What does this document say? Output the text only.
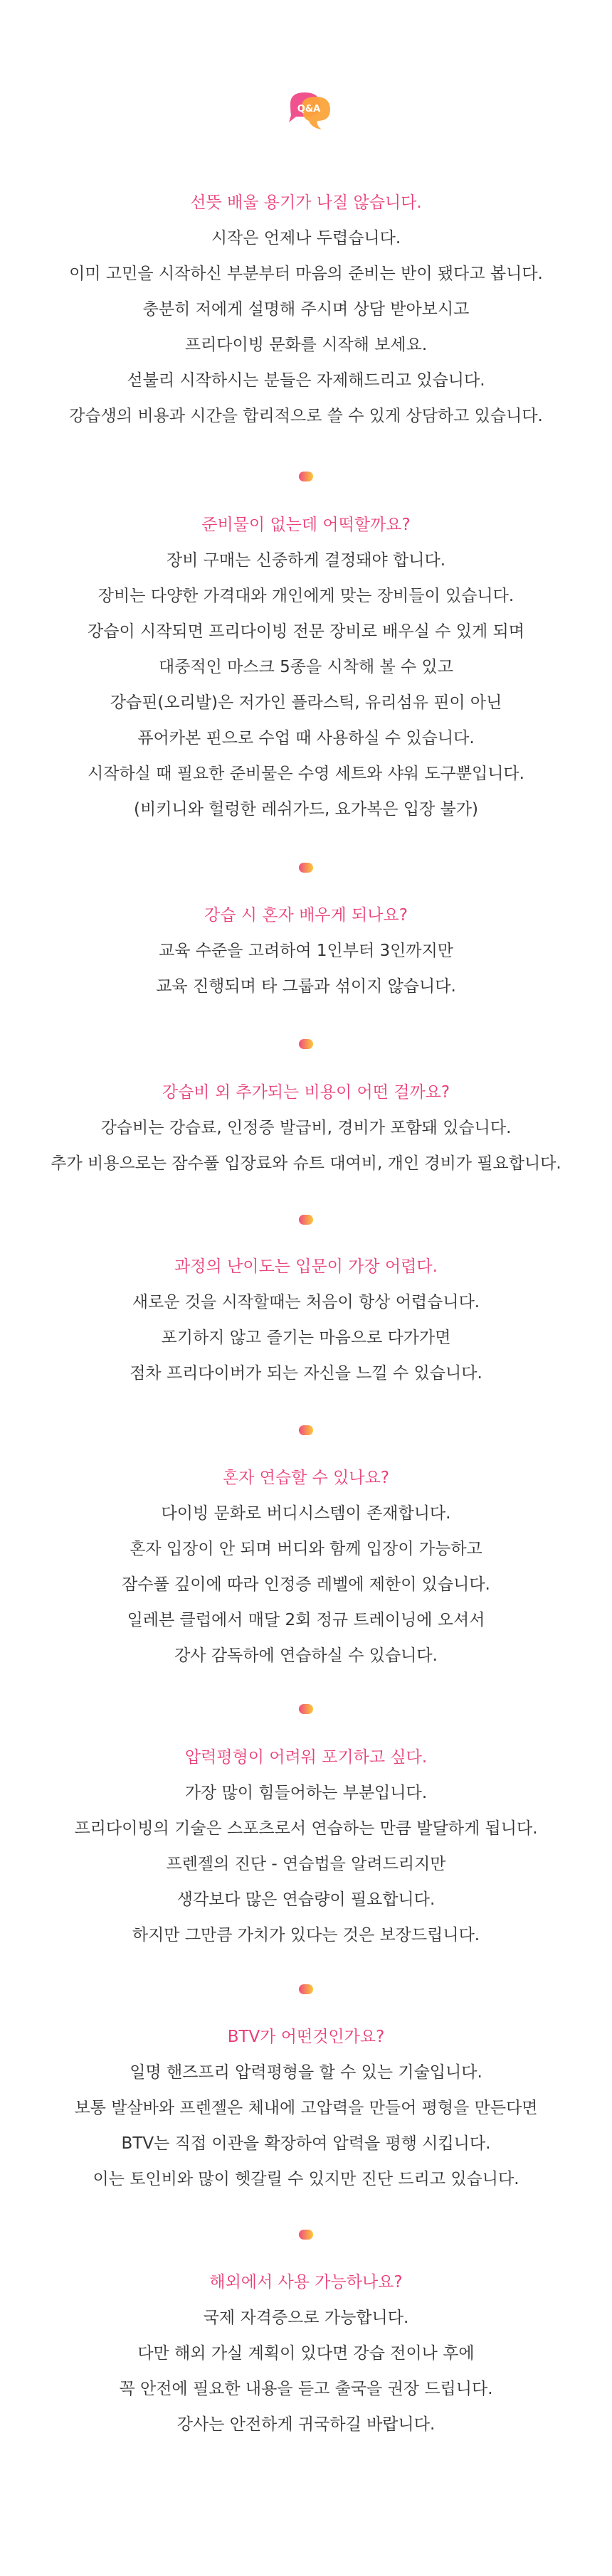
Q&A
선뜻 배울 용기가 나질 않습니다.

시작은 언제나 두렵습니다.

이미 고민을 시작하신 부분부터 마음의 준비는 반이 됐다고 봅니다.

충분히 저에게 설명해 주시며 상담 받아보시고

프리다이빙 문화를 시작해 보세요.

섣불리 시작하시는 분들은 자제해드리고 있습니다.

강습생의 비용과 시간을 합리적으로 쓸 수 있게 상담하고 있습니다.

준비물이 없는데 어떡할까요?

장비 구매는 신중하게 결정돼야 합니다.

장비는 다양한 가격대와 개인에게 맞는 장비들이 있습니다.

강습이 시작되면 프리다이빙 전문 장비로 배우실 수 있게 되며

대중적인 마스크 5종을 시착해 볼 수 있고

강습핀(오리발)은 저가인 플라스틱, 유리섬유 핀이 아닌

퓨어카본 핀으로 수업 때 사용하실 수 있습니다.

시작하실 때 필요한 준비물은 수영 세트와 샤워 도구뿐입니다.

(비키니와 헐렁한 레쉬가드, 요가복은 입장 불가)

강습 시 혼자 배우게 되나요?

교육 수준을 고려하여 1인부터 3인까지만

교육 진행되며 타 그룹과 섞이지 않습니다.

강습비 외 추가되는 비용이 어떤 걸까요?

강습비는 강습료, 인정증 발급비, 경비가 포함돼 있습니다.

추가 비용으로는 잠수풀 입장료와 슈트 대여비, 개인 경비가 필요합니다.

과정의 난이도는 입문이 가장 어렵다.

새로운 것을 시작할때는 처음이 항상 어렵습니다.

포기하지 않고 즐기는 마음으로 다가가면

점차 프리다이버가 되는 자신을 느낄 수 있습니다.

혼자 연습할 수 있나요?

다이빙 문화로 버디시스템이 존재합니다.

혼자 입장이 안 되며 버디와 함께 입장이 가능하고

잠수풀 깊이에 따라 인정증 레벨에 제한이 있습니다.

일레븐 클럽에서 매달 2회 정규 트레이닝에 오셔서

강사 감독하에 연습하실 수 있습니다.

압력평형이 어려워 포기하고 싶다.

가장 많이 힘들어하는 부분입니다.

프리다이빙의 기술은 스포츠로서 연습하는 만큼 발달하게 됩니다.

프렌젤의 진단 - 연습법을 알려드리지만

생각보다 많은 연습량이 필요합니다.

하지만 그만큼 가치가 있다는 것은 보장드립니다.

BTV가 어떤것인가요?

일명 핸즈프리 압력평형을 할 수 있는 기술입니다.

보통 발살바와 프렌젤은 체내에 고압력을 만들어 평형을 만든다면

BTV는 직접 이관을 확장하여 압력을 평행 시킵니다.

이는 토인비와 많이 헷갈릴 수 있지만 진단 드리고 있습니다.

해외에서 사용 가능하나요?

국제 자격증으로 가능합니다.

다만 해외 가실 계획이 있다면 강습 전이나 후에

꼭 안전에 필요한 내용을 듣고 출국을 권장 드립니다.

강사는 안전하게 귀국하길 바랍니다.
